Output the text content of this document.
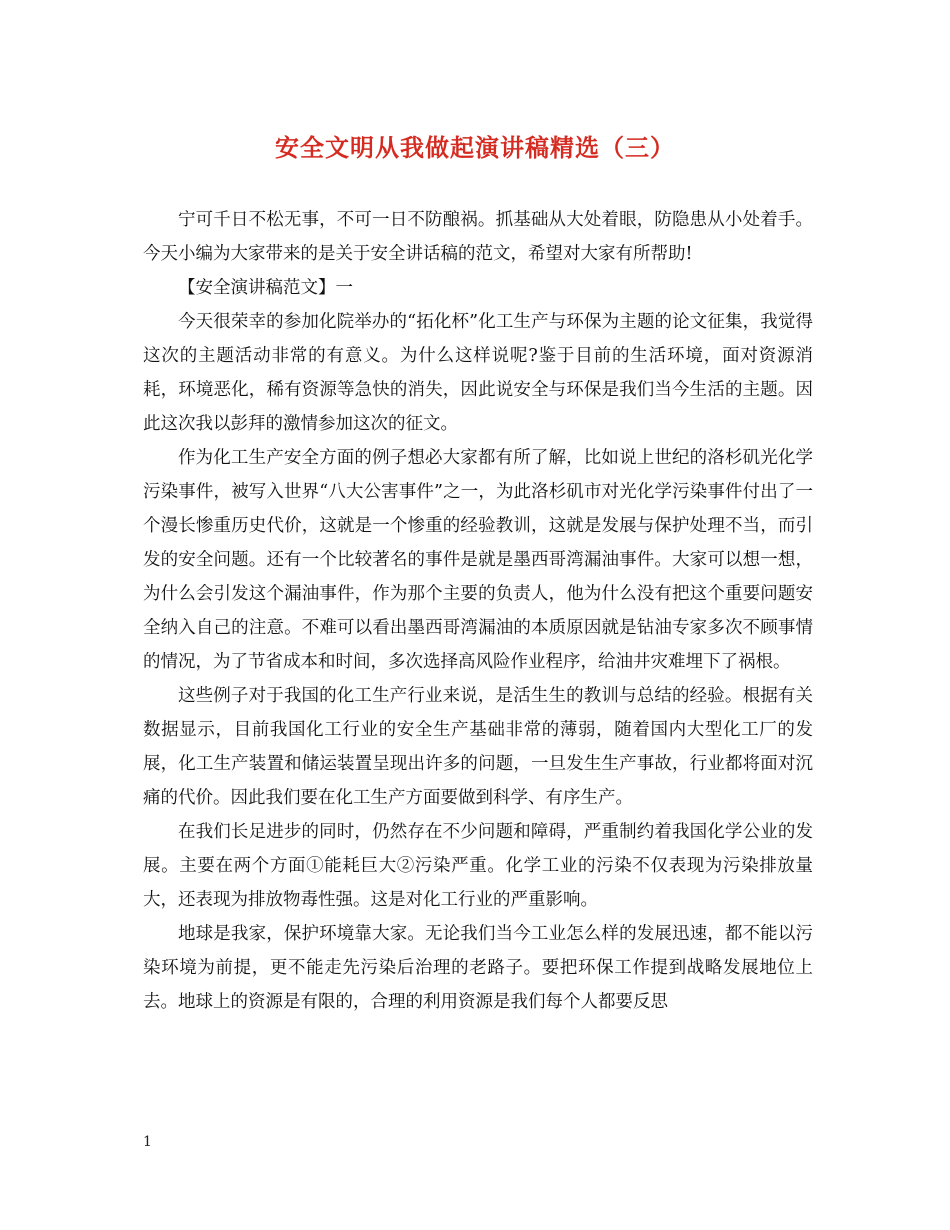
安全文明从我做起演讲稿精选（三）

宁可千日不松无事，不可一日不防酿祸。抓基础从大处着眼，防隐患从小处着手。今天小编为大家带来的是关于安全讲话稿的范文，希望对大家有所帮助!

【安全演讲稿范文】一

今天很荣幸的参加化院举办的“拓化杯”化工生产与环保为主题的论文征集，我觉得这次的主题活动非常的有意义。为什么这样说呢?鉴于目前的生活环境，面对资源消耗，环境恶化，稀有资源等急快的消失，因此说安全与环保是我们当今生活的主题。因此这次我以彭拜的激情参加这次的征文。

作为化工生产安全方面的例子想必大家都有所了解，比如说上世纪的洛杉矶光化学污染事件，被写入世界“八大公害事件”之一，为此洛杉矶市对光化学污染事件付出了一个漫长惨重历史代价，这就是一个惨重的经验教训，这就是发展与保护处理不当，而引发的安全问题。还有一个比较著名的事件是就是墨西哥湾漏油事件。大家可以想一想，为什么会引发这个漏油事件，作为那个主要的负责人，他为什么没有把这个重要问题安全纳入自己的注意。不难可以看出墨西哥湾漏油的本质原因就是钻油专家多次不顾事情的情况，为了节省成本和时间，多次选择高风险作业程序，给油井灾难埋下了祸根。

这些例子对于我国的化工生产行业来说，是活生生的教训与总结的经验。根据有关数据显示，目前我国化工行业的安全生产基础非常的薄弱，随着国内大型化工厂的发展，化工生产装置和储运装置呈现出许多的问题，一旦发生生产事故，行业都将面对沉痛的代价。因此我们要在化工生产方面要做到科学、有序生产。

在我们长足进步的同时，仍然存在不少问题和障碍，严重制约着我国化学公业的发展。主要在两个方面①能耗巨大②污染严重。化学工业的污染不仅表现为污染排放量大，还表现为排放物毒性强。这是对化工行业的严重影响。

地球是我家，保护环境靠大家。无论我们当今工业怎么样的发展迅速，都不能以污染环境为前提，更不能走先污染后治理的老路子。要把环保工作提到战略发展地位上去。地球上的资源是有限的，合理的利用资源是我们每个人都要反思

1
